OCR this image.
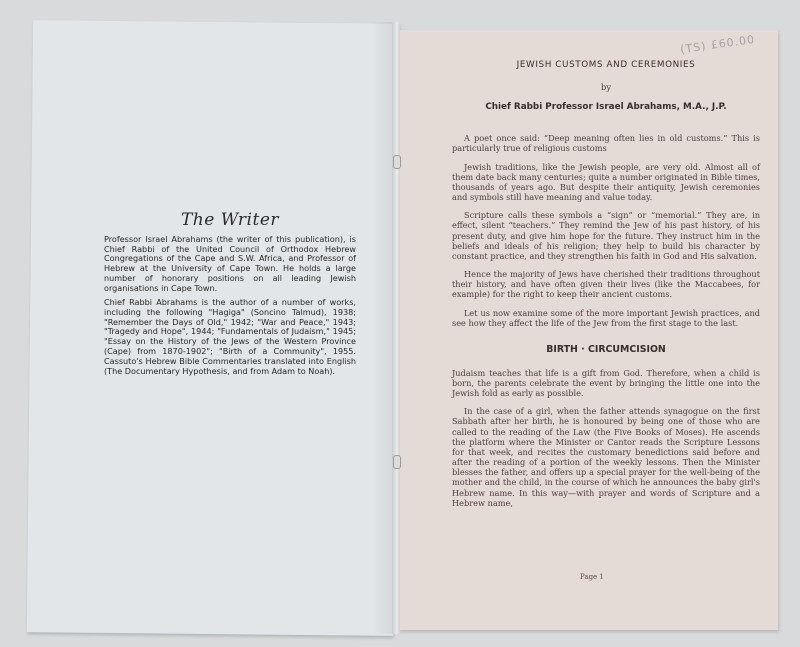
The Writer

Professor Israel Abrahams (the writer of this publication), is Chief Rabbi of the United Council of Orthodox Hebrew Congregations of the Cape and S.W. Africa, and Professor of Hebrew at the University of Cape Town. He holds a large number of honorary positions on all leading Jewish organisations in Cape Town.

Chief Rabbi Abrahams is the author of a number of works, including the following "Hagiga" (Soncino Talmud), 1938; "Remember the Days of Old," 1942; "War and Peace," 1943; "Tragedy and Hope", 1944; "Fundamentals of Judaism," 1945; "Essay on the History of the Jews of the Western Province (Cape) from 1870-1902"; "Birth of a Community", 1955. Cassuto's Hebrew Bible Commentaries translated into English (The Documentary Hypothesis, and from Adam to Noah).

(TS) £60.00
JEWISH CUSTOMS AND CEREMONIES
by
Chief Rabbi Professor Israel Abrahams, M.A., J.P.

A poet once said: “Deep meaning often lies in old customs.” This is particularly true of religious customs

Jewish traditions, like the Jewish people, are very old. Almost all of them date back many centuries; quite a number originated in Bible times, thousands of years ago. But despite their antiquity, Jewish ceremonies and symbols still have meaning and value today.

Scripture calls these symbols a “sign” or “memorial.” They are, in effect, silent “teachers.” They remind the Jew of his past history, of his present duty, and give him hope for the future. They instruct him in the beliefs and ideals of his religion; they help to build his character by constant practice, and they strengthen his faith in God and His salvation.

Hence the majority of Jews have cherished their traditions throughout their history, and have often given their lives (like the Maccabees, for example) for the right to keep their ancient customs.

Let us now examine some of the more important Jewish practices, and see how they affect the life of the Jew from the first stage to the last.

BIRTH · CIRCUMCISION

Judaism teaches that life is a gift from God. Therefore, when a child is born, the parents celebrate the event by bringing the little one into the Jewish fold as early as possible.

In the case of a girl, when the father attends synagogue on the first Sabbath after her birth, he is honoured by being one of those who are called to the reading of the Law (the Five Books of Moses). He ascends the platform where the Minister or Cantor reads the Scripture Lessons for that week, and recites the customary benedictions said before and after the reading of a portion of the weekly lessons. Then the Minister blesses the father, and offers up a special prayer for the well-being of the mother and the child, in the course of which he announces the baby girl's Hebrew name. In this way—with prayer and words of Scripture and a Hebrew name,

Page 1
